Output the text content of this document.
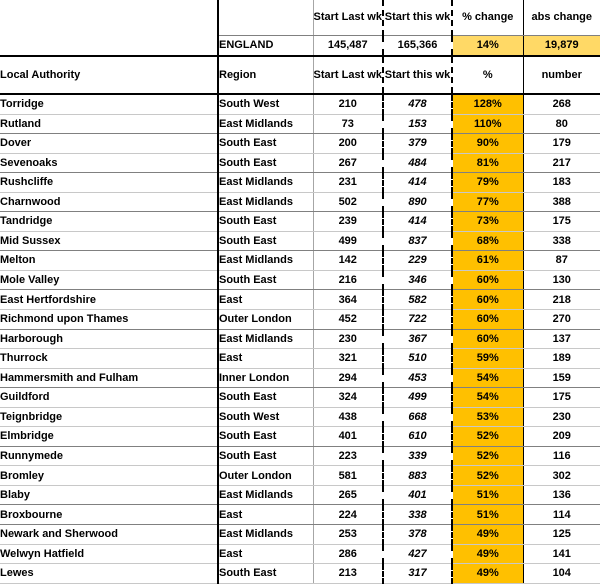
		Start Last wk	Start this wk	% change	abs change
	ENGLAND	145,487	165,366	14%	19,879
Local Authority	Region	Start Last wk	Start this wk	%	number
Torridge	South West	210	478	128%	268
Rutland	East Midlands	73	153	110%	80
Dover	South East	200	379	90%	179
Sevenoaks	South East	267	484	81%	217
Rushcliffe	East Midlands	231	414	79%	183
Charnwood	East Midlands	502	890	77%	388
Tandridge	South East	239	414	73%	175
Mid Sussex	South East	499	837	68%	338
Melton	East Midlands	142	229	61%	87
Mole Valley	South East	216	346	60%	130
East Hertfordshire	East	364	582	60%	218
Richmond upon Thames	Outer London	452	722	60%	270
Harborough	East Midlands	230	367	60%	137
Thurrock	East	321	510	59%	189
Hammersmith and Fulham	Inner London	294	453	54%	159
Guildford	South East	324	499	54%	175
Teignbridge	South West	438	668	53%	230
Elmbridge	South East	401	610	52%	209
Runnymede	South East	223	339	52%	116
Bromley	Outer London	581	883	52%	302
Blaby	East Midlands	265	401	51%	136
Broxbourne	East	224	338	51%	114
Newark and Sherwood	East Midlands	253	378	49%	125
Welwyn Hatfield	East	286	427	49%	141
Lewes	South East	213	317	49%	104
